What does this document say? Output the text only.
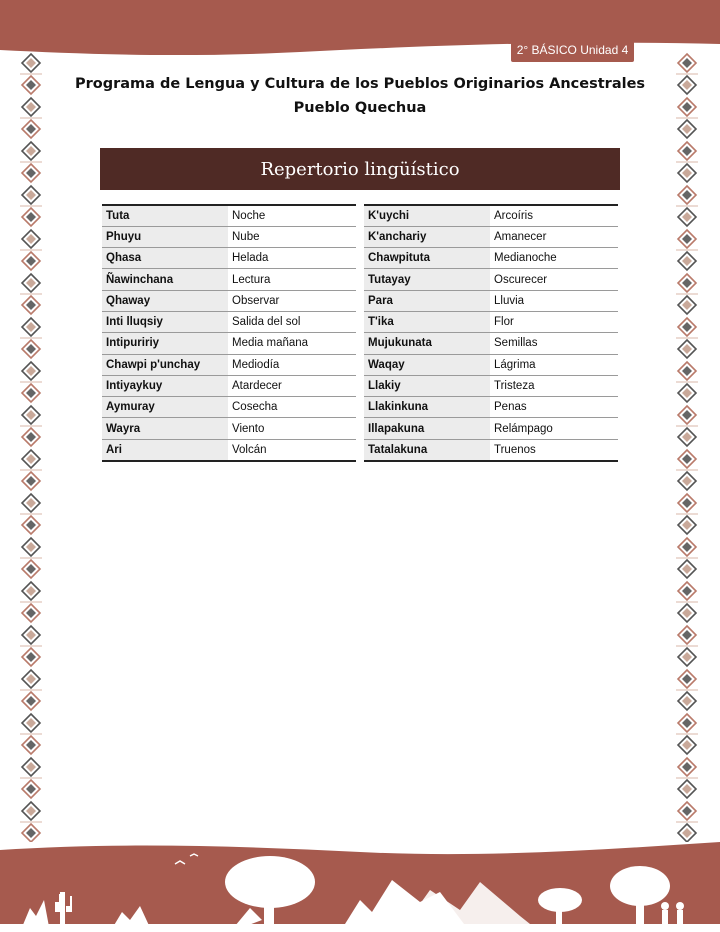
2° BÁSICO Unidad 4
Programa de Lengua y Cultura de los Pueblos Originarios Ancestrales
Pueblo Quechua
Repertorio lingüístico
Tuta	Noche
Phuyu	Nube
Qhasa	Helada
Ñawinchana	Lectura
Qhaway	Observar
Inti lluqsiy	Salida del sol
Intipuririy	Media mañana
Chawpi p'unchay	Mediodía
Intiyaykuy	Atardecer
Aymuray	Cosecha
Wayra	Viento
Ari	Volcán
K'uychi	Arcoíris
K'anchariy	Amanecer
Chawpituta	Medianoche
Tutayay	Oscurecer
Para	Lluvia
T'ika	Flor
Mujukunata	Semillas
Waqay	Lágrima
Llakiy	Tristeza
Llakinkuna	Penas
Illapakuna	Relámpago
Tatalakuna	Truenos
